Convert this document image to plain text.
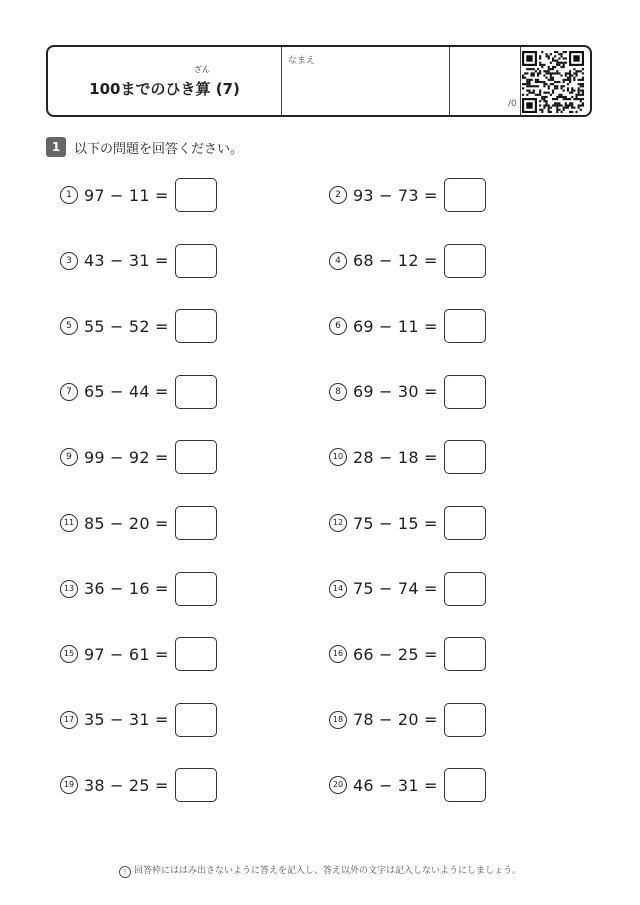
ざん
100までのひき算 (7)
なまえ
/0
1	以下の問題を回答ください。
1 97 − 11 =	2 93 − 73 =
3 43 − 31 =	4 68 − 12 =
5 55 − 52 =	6 69 − 11 =
7 65 − 44 =	8 69 − 30 =
9 99 − 92 =	10 28 − 18 =
11 85 − 20 =	12 75 − 15 =
13 36 − 16 =	14 75 − 74 =
15 97 − 61 =	16 66 − 25 =
17 35 − 31 =	18 78 − 20 =
19 38 − 25 =	20 46 − 31 =
! 回答枠にははみ出さないように答えを記入し、答え以外の文字は記入しないようにしましょう。
